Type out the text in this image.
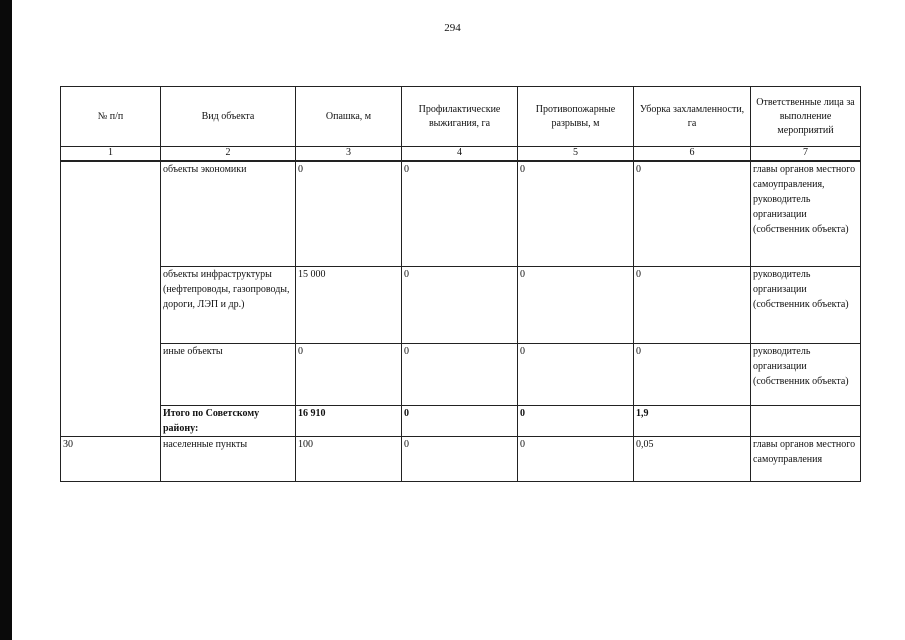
294
№ п/п	Вид объекта	Опашка, м	Профилактические выжигания, га	Противопожарные разрывы, м	Уборка захламленности, га	Ответственные лица за выполнение мероприятий
1	2	3	4	5	6	7
	объекты экономики	0	0	0	0	главы органов местного самоуправления, руководитель организации (собственник объекта)
	объекты инфраструктуры (нефтепроводы, газопроводы, дороги, ЛЭП и др.)	15 000	0	0	0	руководитель организации (собственник объекта)
	иные объекты	0	0	0	0	руководитель организации (собственник объекта)
	Итого по Советскому району:	16 910	0	0	1,9	
30	населенные пункты	100	0	0	0,05	главы органов местного самоуправления
